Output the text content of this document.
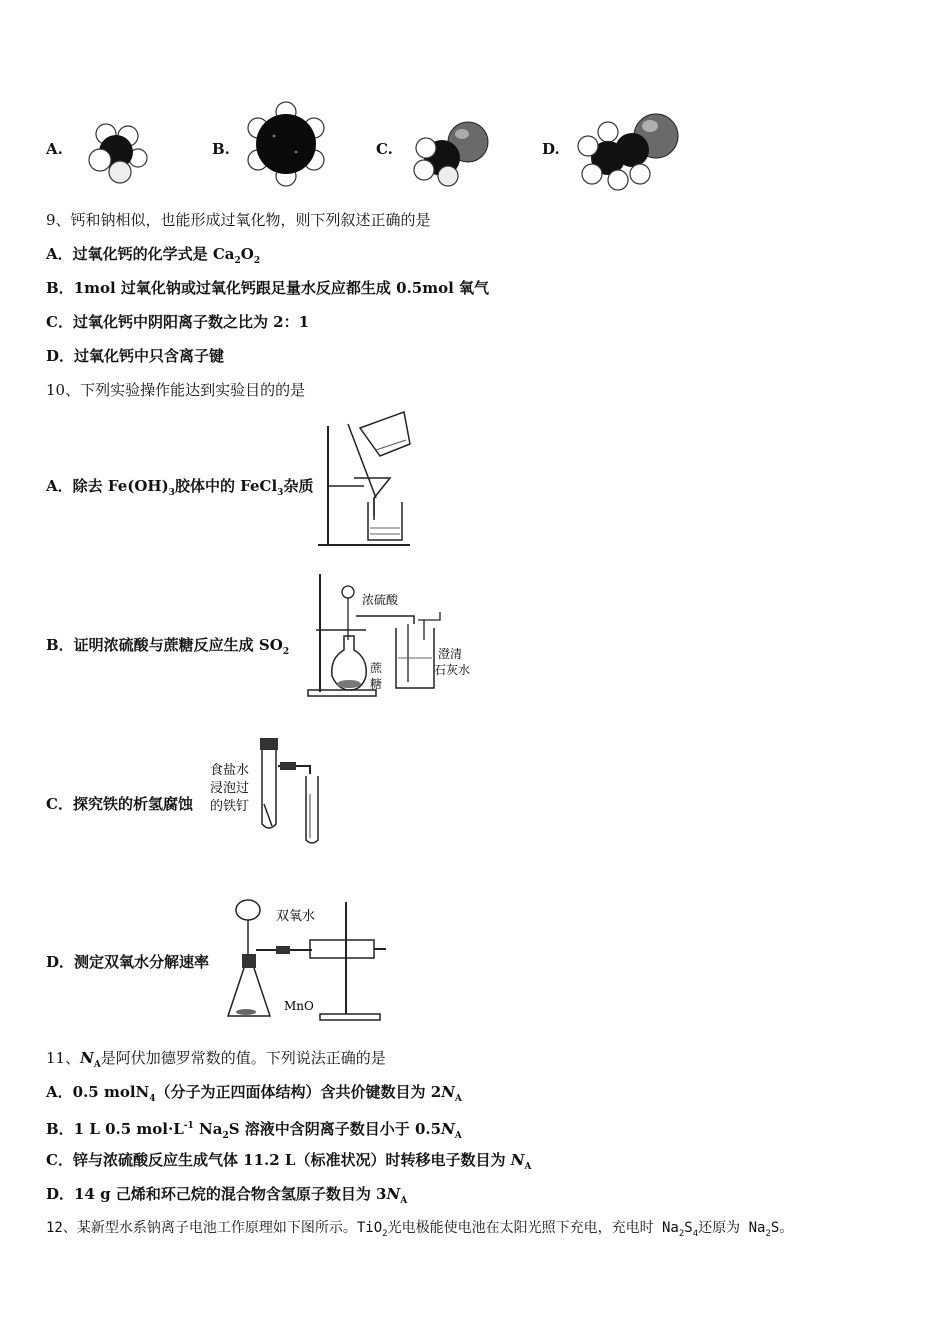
A.	B.	C.	D.
9、钙和钠相似，也能形成过氧化物，则下列叙述正确的是
A．过氧化钙的化学式是 $Ca_2O_2$
B．1mol 过氧化钠或过氧化钙跟足量水反应都生成 0.5mol 氧气
C．过氧化钙中阴阳离子数之比为 2：1
D．过氧化钙中只含离子键
10、下列实验操作能达到实验目的的是
A．除去 $Fe(OH)_3$胶体中的 FeCl$_3$杂质
B．证明浓硫酸与蔗糖反应生成 $SO_2$
浓硫酸
蔗
糖
澄清
石灰水
C．探究铁的析氢腐蚀
食盐水
浸泡过
的铁钉
D．测定双氧水分解速率
双氧水
MnO
11、$N_A$是阿伏加德罗常数的值。下列说法正确的是
A．0.5 molN$_4$（分子为正四面体结构）含共价键数目为 $2N_A$
B．1 L 0.5 $mol\cdot L^{-1}$ $Na_2S$ 溶液中含阴离子数目小于 $0.5N_A$
C．锌与浓硫酸反应生成气体 11.2 L（标准状况）时转移电子数目为 $N_A$
D．14 g 己烯和环己烷的混合物含氢原子数目为 $3N_A$
12、某新型水系钠离子电池工作原理如下图所示。TiO$_2$光电极能使电池在太阳光照下充电，充电时 $Na_2S_4$还原为 $Na_2S$。
